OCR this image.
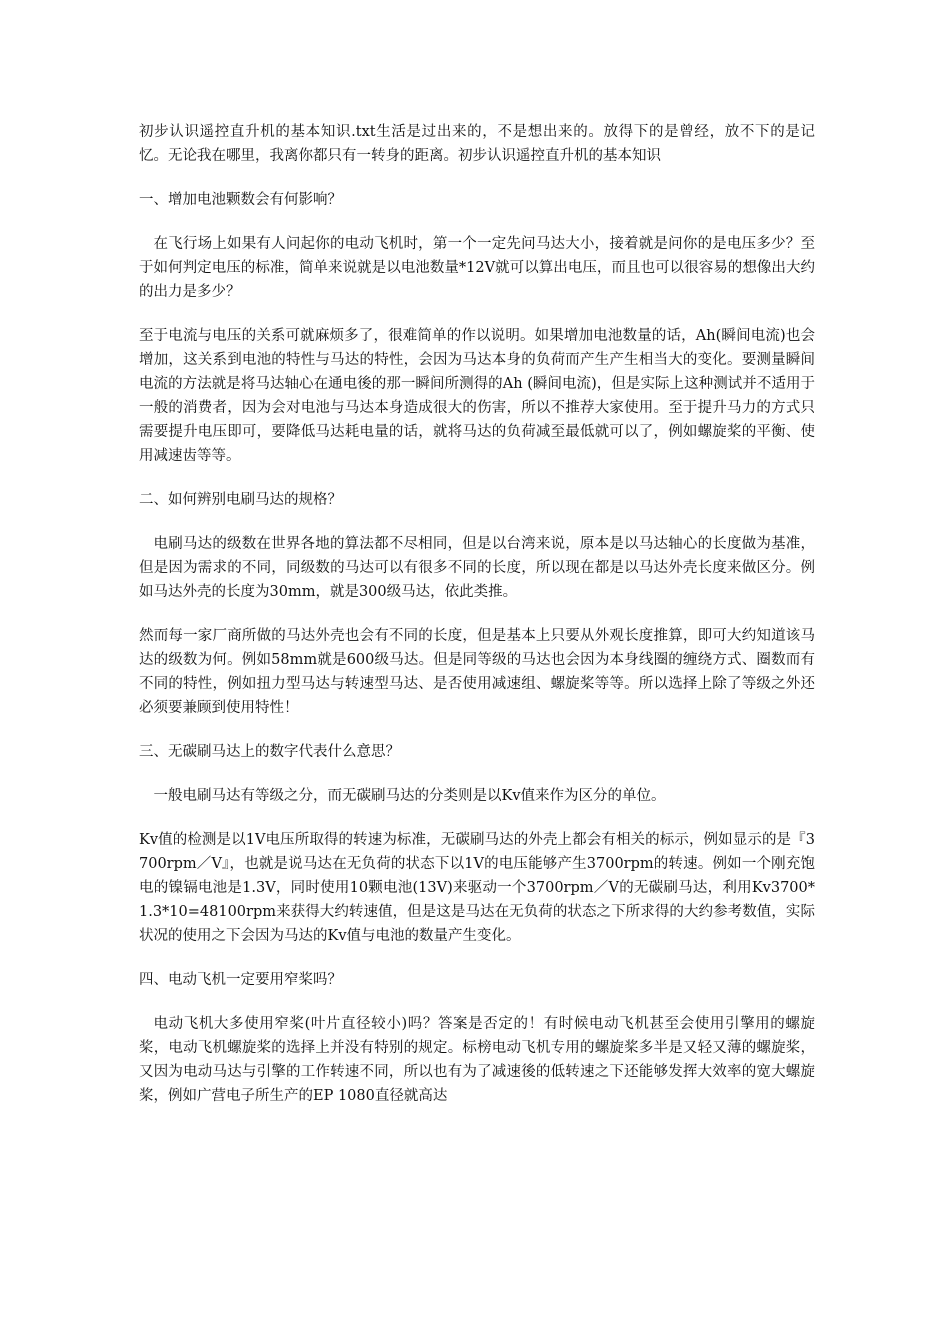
初步认识遥控直升机的基本知识.txt生活是过出来的，不是想出来的。放得下的是曾经，放不下的是记忆。无论我在哪里，我离你都只有一转身的距离。初步认识遥控直升机的基本知识

一、增加电池颗数会有何影响？

在飞行场上如果有人问起你的电动飞机时，第一个一定先问马达大小，接着就是问你的是电压多少？至于如何判定电压的标准，简单来说就是以电池数量*12V就可以算出电压，而且也可以很容易的想像出大约的出力是多少？

至于电流与电压的关系可就麻烦多了，很难简单的作以说明。如果增加电池数量的话，Ah(瞬间电流)也会增加，这关系到电池的特性与马达的特性，会因为马达本身的负荷而产生产生相当大的变化。要测量瞬间电流的方法就是将马达轴心在通电後的那一瞬间所测得的Ah (瞬间电流)，但是实际上这种测试并不适用于一般的消费者，因为会对电池与马达本身造成很大的伤害，所以不推荐大家使用。至于提升马力的方式只需要提升电压即可，要降低马达耗电量的话，就将马达的负荷减至最低就可以了，例如螺旋桨的平衡、使用减速齿等等。

二、如何辨别电刷马达的规格？

电刷马达的级数在世界各地的算法都不尽相同，但是以台湾来说，原本是以马达轴心的长度做为基准，但是因为需求的不同，同级数的马达可以有很多不同的长度，所以现在都是以马达外壳长度来做区分。例如马达外壳的长度为30mm，就是300级马达，依此类推。

然而每一家厂商所做的马达外壳也会有不同的长度，但是基本上只要从外观长度推算，即可大约知道该马达的级数为何。例如58mm就是600级马达。但是同等级的马达也会因为本身线圈的缠绕方式、圈数而有不同的特性，例如扭力型马达与转速型马达、是否使用减速组、螺旋桨等等。所以选择上除了等级之外还必须要兼顾到使用特性！

三、无碳刷马达上的数字代表什么意思？

一般电刷马达有等级之分，而无碳刷马达的分类则是以Kv值来作为区分的单位。

Kv值的检测是以1V电压所取得的转速为标准，无碳刷马达的外壳上都会有相关的标示，例如显示的是『3700rpm／V』，也就是说马达在无负荷的状态下以1V的电压能够产生3700rpm的转速。例如一个刚充饱电的镍镉电池是1.3V，同时使用10颗电池(13V)来驱动一个3700rpm／V的无碳刷马达，利用Kv3700*1.3*10=48100rpm来获得大约转速值，但是这是马达在无负荷的状态之下所求得的大约参考数值，实际状况的使用之下会因为马达的Kv值与电池的数量产生变化。

四、电动飞机一定要用窄桨吗？

电动飞机大多使用窄桨(叶片直径较小)吗？答案是否定的！有时候电动飞机甚至会使用引擎用的螺旋桨，电动飞机螺旋桨的选择上并没有特别的规定。标榜电动飞机专用的螺旋桨多半是又轻又薄的螺旋桨，又因为电动马达与引擎的工作转速不同，所以也有为了减速後的低转速之下还能够发挥大效率的宽大螺旋桨，例如广营电子所生产的EP 1080直径就高达
